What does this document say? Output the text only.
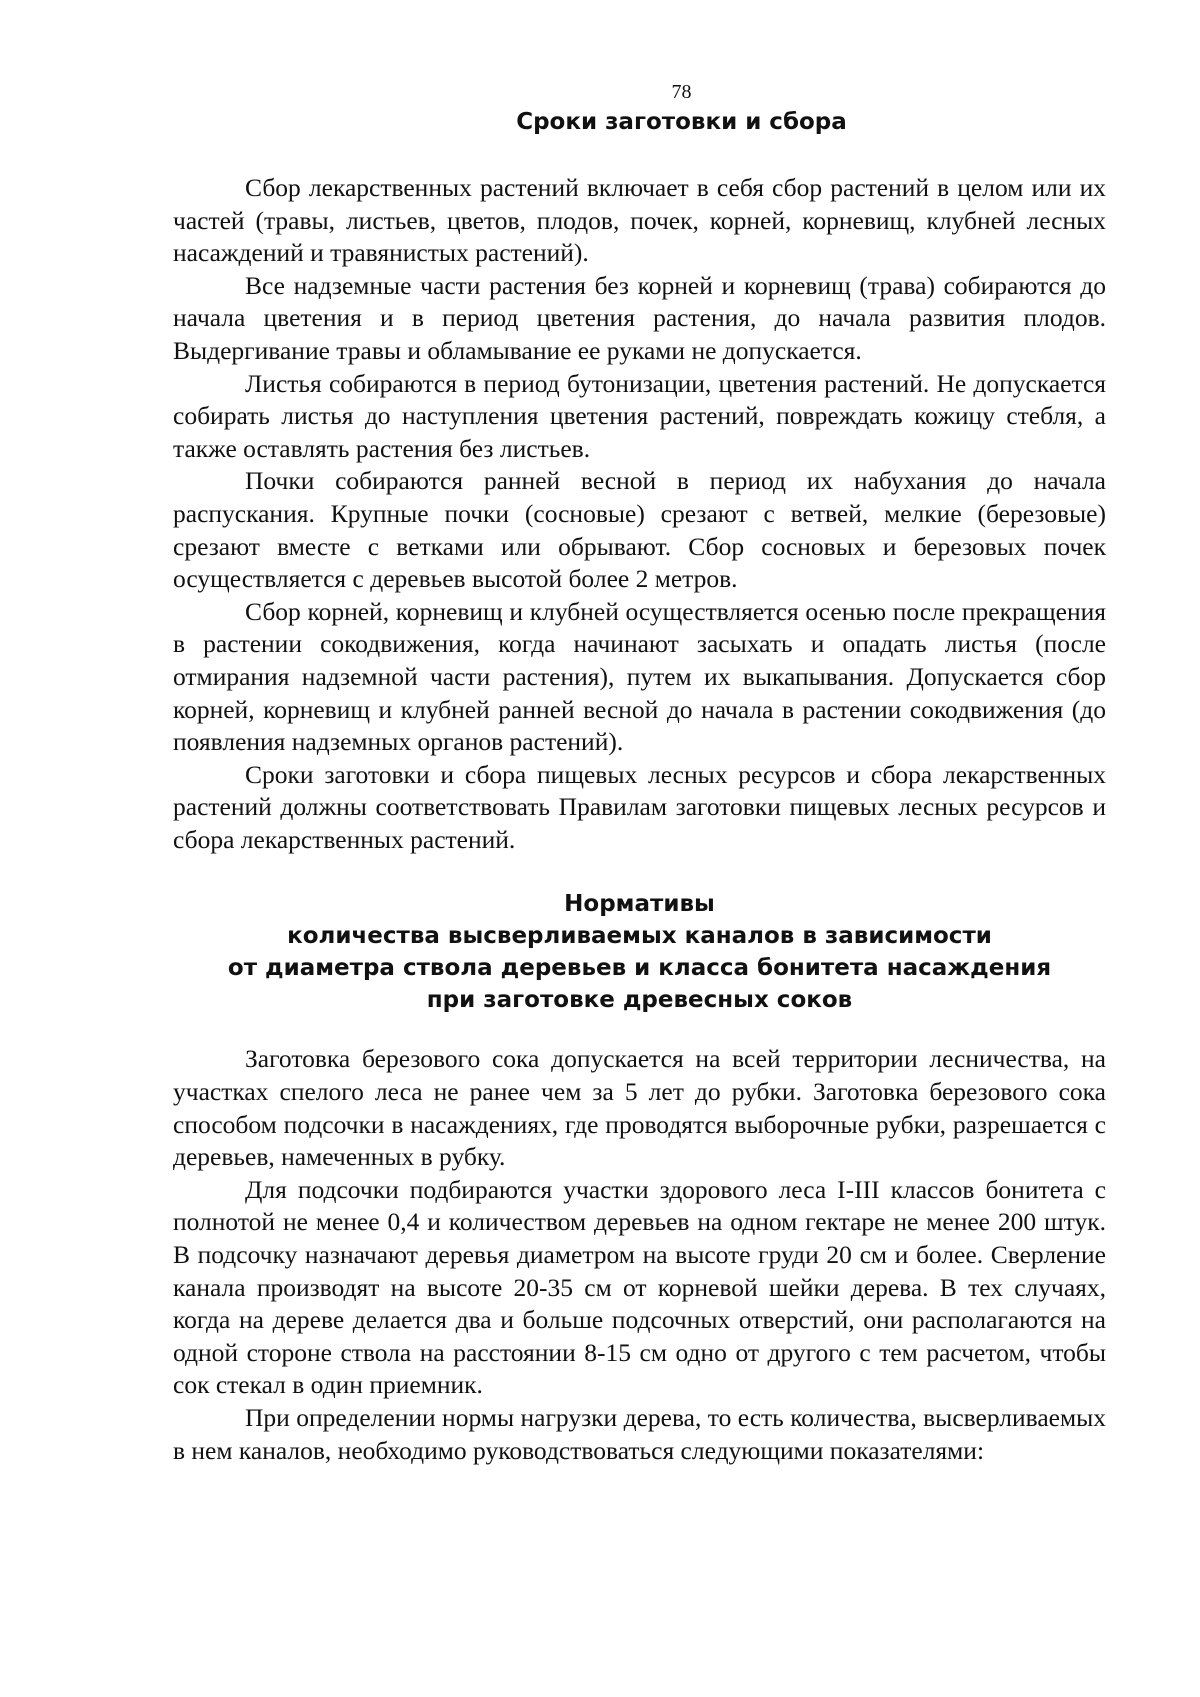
78
Сроки заготовки и сбора

Сбор лекарственных растений включает в себя сбор растений в целом или их частей (травы, листьев, цветов, плодов, почек, корней, корневищ, клубней лесных насаждений и травянистых растений).

Все надземные части растения без корней и корневищ (трава) собираются до начала цветения и в период цветения растения, до начала развития плодов. Выдергивание травы и обламывание ее руками не допускается.

Листья собираются в период бутонизации, цветения растений. Не допускается собирать листья до наступления цветения растений, повреждать кожицу стебля, а также оставлять растения без листьев.

Почки собираются ранней весной в период их набухания до начала распускания. Крупные почки (сосновые) срезают с ветвей, мелкие (березовые) срезают вместе с ветками или обрывают. Сбор сосновых и березовых почек осуществляется с деревьев высотой более 2 метров.

Сбор корней, корневищ и клубней осуществляется осенью после прекращения в растении сокодвижения, когда начинают засыхать и опадать листья (после отмирания надземной части растения), путем их выкапывания. Допускается сбор корней, корневищ и клубней ранней весной до начала в растении сокодвижения (до появления надземных органов растений).

Сроки заготовки и сбора пищевых лесных ресурсов и сбора лекарственных растений должны соответствовать Правилам заготовки пищевых лесных ресурсов и сбора лекарственных растений.

Нормативы
количества высверливаемых каналов в зависимости
от диаметра ствола деревьев и класса бонитета насаждения
при заготовке древесных соков

Заготовка березового сока допускается на всей территории лесничества, на участках спелого леса не ранее чем за 5 лет до рубки. Заготовка березового сока способом подсочки в насаждениях, где проводятся выборочные рубки, разрешается с деревьев, намеченных в рубку.

Для подсочки подбираются участки здорового леса I-III классов бонитета с полнотой не менее 0,4 и количеством деревьев на одном гектаре не менее 200 штук. В подсочку назначают деревья диаметром на высоте груди 20 см и более. Сверление канала производят на высоте 20-35 см от корневой шейки дерева. В тех случаях, когда на дереве делается два и больше подсочных отверстий, они располагаются на одной стороне ствола на расстоянии 8-15 см одно от другого с тем расчетом, чтобы сок стекал в один приемник.

При определении нормы нагрузки дерева, то есть количества, высверливаемых в нем каналов, необходимо руководствоваться следующими показателями:
